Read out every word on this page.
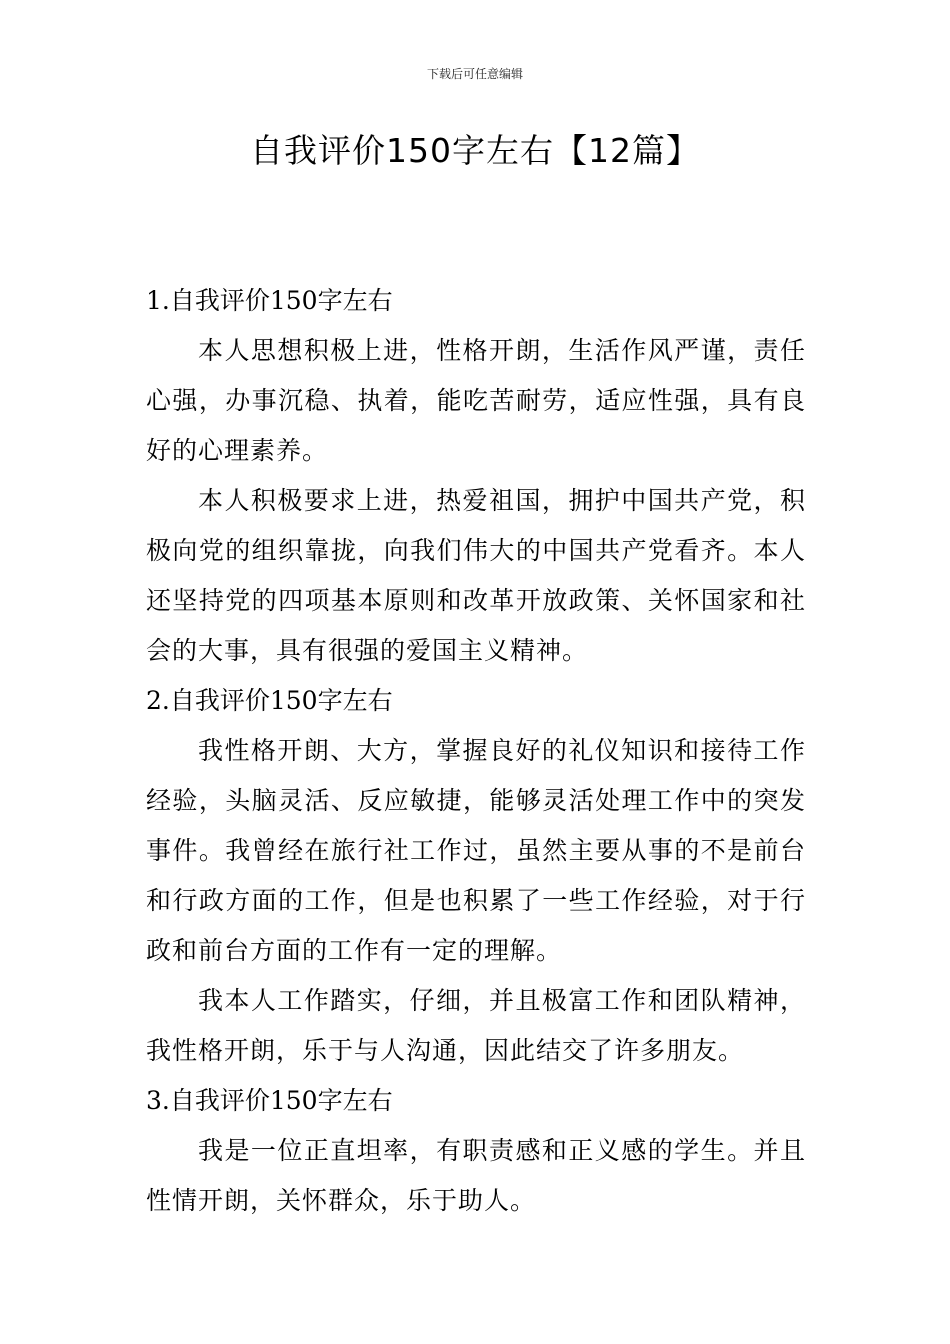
下载后可任意编辑
自我评价150字左右【12篇】
1.自我评价150字左右

本人思想积极上进，性格开朗，生活作风严谨，责任心强，办事沉稳、执着，能吃苦耐劳，适应性强，具有良好的心理素养。

本人积极要求上进，热爱祖国，拥护中国共产党，积极向党的组织靠拢，向我们伟大的中国共产党看齐。本人还坚持党的四项基本原则和改革开放政策、关怀国家和社会的大事，具有很强的爱国主义精神。

2.自我评价150字左右

我性格开朗、大方，掌握良好的礼仪知识和接待工作经验，头脑灵活、反应敏捷，能够灵活处理工作中的突发事件。我曾经在旅行社工作过，虽然主要从事的不是前台和行政方面的工作，但是也积累了一些工作经验，对于行政和前台方面的工作有一定的理解。

我本人工作踏实，仔细，并且极富工作和团队精神，我性格开朗，乐于与人沟通，因此结交了许多朋友。

3.自我评价150字左右

我是一位正直坦率，有职责感和正义感的学生。并且性情开朗，关怀群众，乐于助人。
